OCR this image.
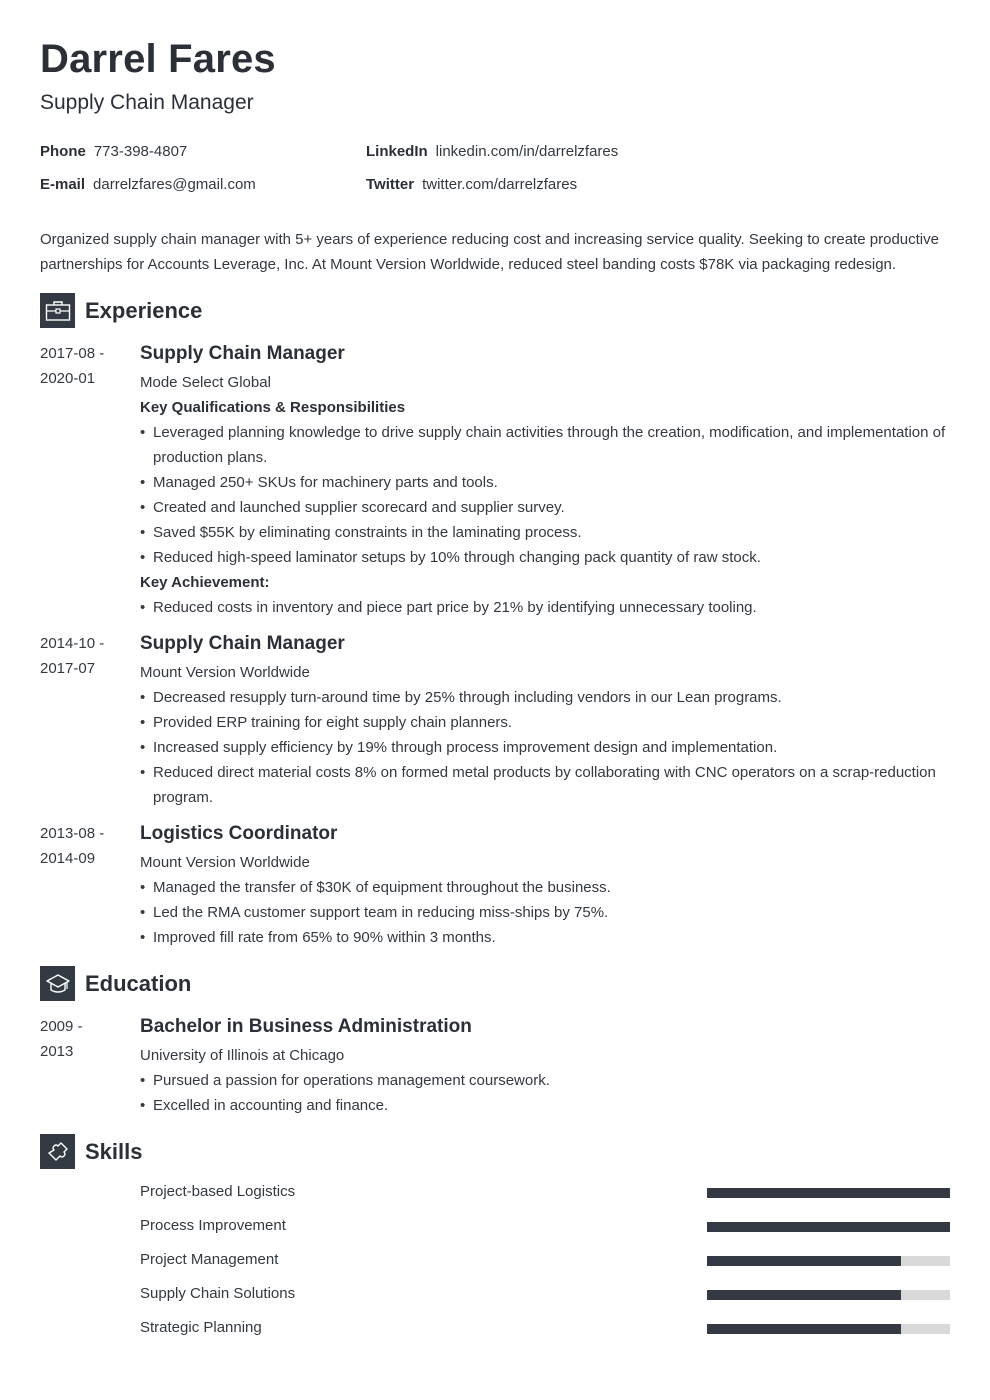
Darrel Fares
Supply Chain Manager
Phone 773-398-4807	LinkedIn linkedin.com/in/darrelzfares
E-mail darrelzfares@gmail.com	Twitter twitter.com/darrelzfares
Organized supply chain manager with 5+ years of experience reducing cost and increasing service quality. Seeking to create productive partnerships for Accounts Leverage, Inc. At Mount Version Worldwide, reduced steel banding costs $78K via packaging redesign.
Experience
2017-08 -
2020-01
Supply Chain Manager
Mode Select Global
Key Qualifications & Responsibilities
• Leveraged planning knowledge to drive supply chain activities through the creation, modification, and implementation of production plans.
• Managed 250+ SKUs for machinery parts and tools.
• Created and launched supplier scorecard and supplier survey.
• Saved $55K by eliminating constraints in the laminating process.
• Reduced high-speed laminator setups by 10% through changing pack quantity of raw stock.
Key Achievement:
• Reduced costs in inventory and piece part price by 21% by identifying unnecessary tooling.
2014-10 -
2017-07
Supply Chain Manager
Mount Version Worldwide
• Decreased resupply turn-around time by 25% through including vendors in our Lean programs.
• Provided ERP training for eight supply chain planners.
• Increased supply efficiency by 19% through process improvement design and implementation.
• Reduced direct material costs 8% on formed metal products by collaborating with CNC operators on a scrap-reduction program.
2013-08 -
2014-09
Logistics Coordinator
Mount Version Worldwide
• Managed the transfer of $30K of equipment throughout the business.
• Led the RMA customer support team in reducing miss-ships by 75%.
• Improved fill rate from 65% to 90% within 3 months.
Education
2009 -
2013
Bachelor in Business Administration
University of Illinois at Chicago
• Pursued a passion for operations management coursework.
• Excelled in accounting and finance.
Skills
Project-based Logistics
Process Improvement
Project Management
Supply Chain Solutions
Strategic Planning
